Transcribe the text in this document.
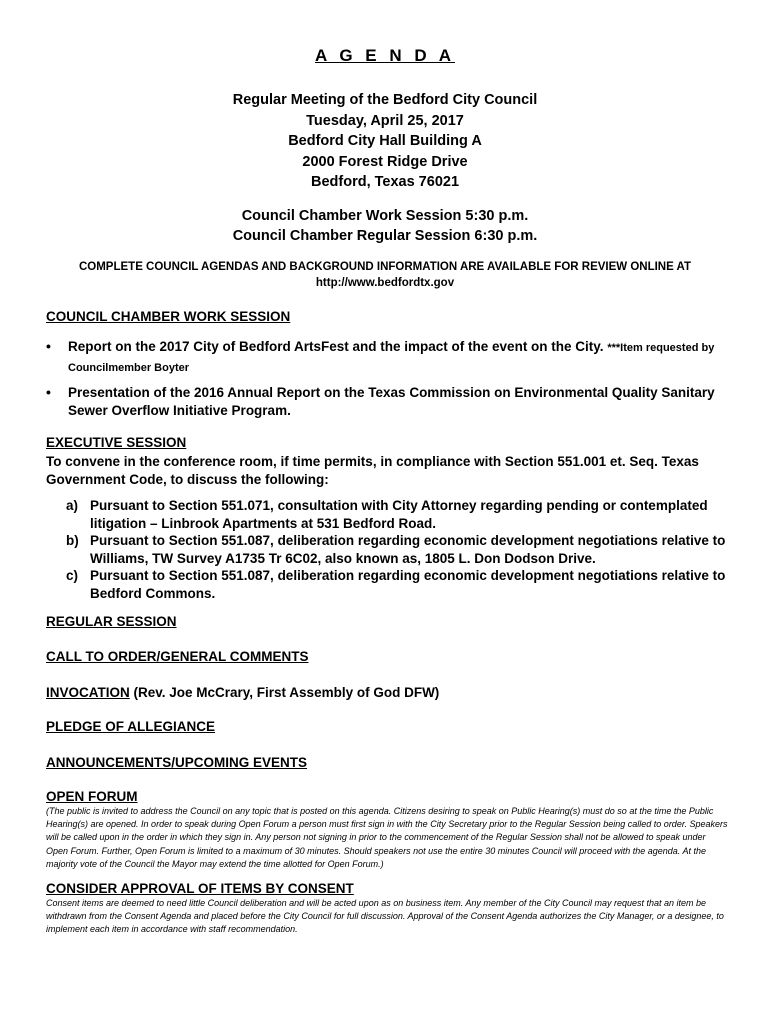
A G E N D A
Regular Meeting of the Bedford City Council
Tuesday, April 25, 2017
Bedford City Hall Building A
2000 Forest Ridge Drive
Bedford, Texas 76021
Council Chamber Work Session 5:30 p.m.
Council Chamber Regular Session 6:30 p.m.
COMPLETE COUNCIL AGENDAS AND BACKGROUND INFORMATION ARE AVAILABLE FOR REVIEW ONLINE AT
http://www.bedfordtx.gov
COUNCIL CHAMBER WORK SESSION
• Report on the 2017 City of Bedford ArtsFest and the impact of the event on the City. ***Item requested by Councilmember Boyter
• Presentation of the 2016 Annual Report on the Texas Commission on Environmental Quality Sanitary Sewer Overflow Initiative Program.
EXECUTIVE SESSION
To convene in the conference room, if time permits, in compliance with Section 551.001 et. Seq. Texas Government Code, to discuss the following:
a) Pursuant to Section 551.071, consultation with City Attorney regarding pending or contemplated litigation – Linbrook Apartments at 531 Bedford Road.
b) Pursuant to Section 551.087, deliberation regarding economic development negotiations relative to Williams, TW Survey A1735 Tr 6C02, also known as, 1805 L. Don Dodson Drive.
c) Pursuant to Section 551.087, deliberation regarding economic development negotiations relative to Bedford Commons.
REGULAR SESSION
CALL TO ORDER/GENERAL COMMENTS
INVOCATION (Rev. Joe McCrary, First Assembly of God DFW)
PLEDGE OF ALLEGIANCE
ANNOUNCEMENTS/UPCOMING EVENTS
OPEN FORUM
(The public is invited to address the Council on any topic that is posted on this agenda. Citizens desiring to speak on Public Hearing(s) must do so at the time the Public Hearing(s) are opened. In order to speak during Open Forum a person must first sign in with the City Secretary prior to the Regular Session being called to order. Speakers will be called upon in the order in which they sign in. Any person not signing in prior to the commencement of the Regular Session shall not be allowed to speak under Open Forum. Further, Open Forum is limited to a maximum of 30 minutes. Should speakers not use the entire 30 minutes Council will proceed with the agenda. At the majority vote of the Council the Mayor may extend the time allotted for Open Forum.)
CONSIDER APPROVAL OF ITEMS BY CONSENT
Consent items are deemed to need little Council deliberation and will be acted upon as on business item. Any member of the City Council may request that an item be withdrawn from the Consent Agenda and placed before the City Council for full discussion. Approval of the Consent Agenda authorizes the City Manager, or a designee, to implement each item in accordance with staff recommendation.
